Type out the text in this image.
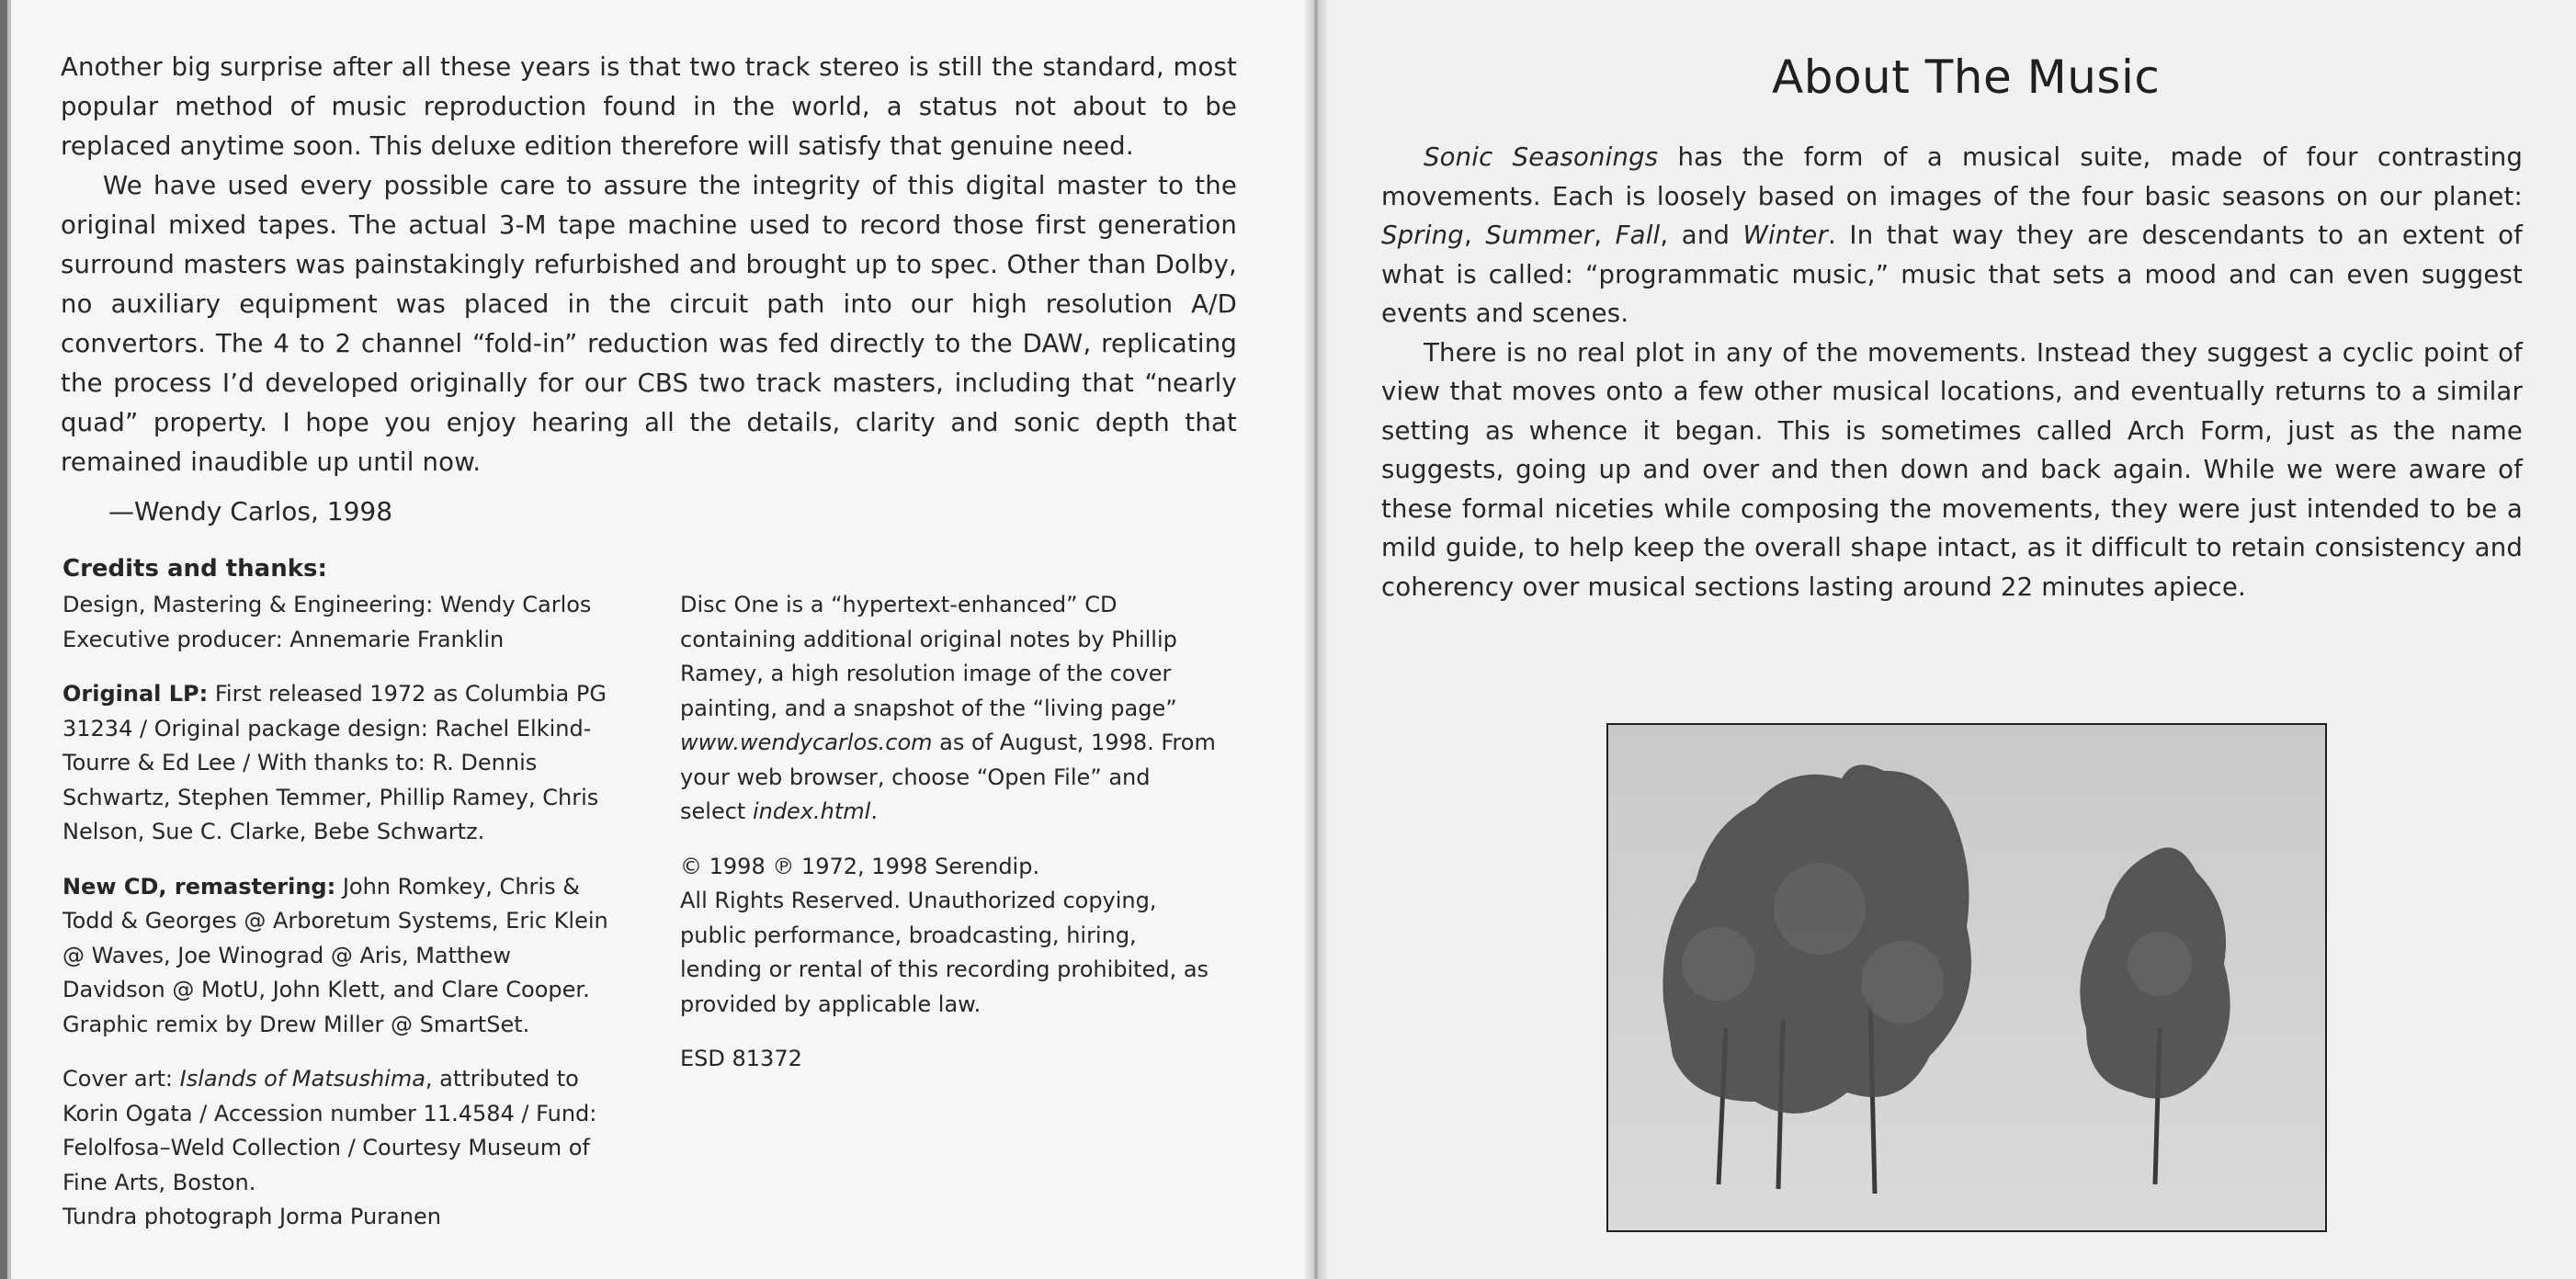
Another big surprise after all these years is that two track stereo is still the standard, most popular method of music reproduction found in the world, a status not about to be replaced anytime soon. This deluxe edition therefore will satisfy that genuine need.

We have used every possible care to assure the integrity of this digital master to the original mixed tapes. The actual 3-M tape machine used to record those first generation surround masters was painstakingly refurbished and brought up to spec. Other than Dolby, no auxiliary equipment was placed in the circuit path into our high resolution A/D convertors. The 4 to 2 channel “fold-in” reduction was fed directly to the DAW, replicating the process I’d developed originally for our CBS two track masters, including that “nearly quad” property. I hope you enjoy hearing all the details, clarity and sonic depth that remained inaudible up until now.

—Wendy Carlos, 1998
Credits and thanks:

Design, Mastering & Engineering: Wendy Carlos
Executive producer: Annemarie Franklin

Original LP: First released 1972 as Columbia PG 31234 / Original package design: Rachel Elkind-Tourre & Ed Lee / With thanks to: R. Dennis Schwartz, Stephen Temmer, Phillip Ramey, Chris Nelson, Sue C. Clarke, Bebe Schwartz.

New CD, remastering: John Romkey, Chris & Todd & Georges @ Arboretum Systems, Eric Klein @ Waves, Joe Winograd @ Aris, Matthew Davidson @ MotU, John Klett, and Clare Cooper. Graphic remix by Drew Miller @ SmartSet.

Cover art: Islands of Matsushima, attributed to Korin Ogata / Accession number 11.4584 / Fund: Felolfosa–Weld Collection / Courtesy Museum of Fine Arts, Boston.
Tundra photograph Jorma Puranen

Disc One is a “hypertext-enhanced” CD containing additional original notes by Phillip Ramey, a high resolution image of the cover painting, and a snapshot of the “living page” www.wendycarlos.com as of August, 1998. From your web browser, choose “Open File” and select index.html.

© 1998 ℗ 1972, 1998 Serendip.
All Rights Reserved. Unauthorized copying, public performance, broadcasting, hiring, lending or rental of this recording prohibited, as provided by applicable law.

ESD 81372

About The Music

Sonic Seasonings has the form of a musical suite, made of four contrasting movements. Each is loosely based on images of the four basic seasons on our planet: Spring, Summer, Fall, and Winter. In that way they are descendants to an extent of what is called: “programmatic music,” music that sets a mood and can even suggest events and scenes.

There is no real plot in any of the movements. Instead they suggest a cyclic point of view that moves onto a few other musical locations, and eventually returns to a similar setting as whence it began. This is sometimes called Arch Form, just as the name suggests, going up and over and then down and back again. While we were aware of these formal niceties while composing the movements, they were just intended to be a mild guide, to help keep the overall shape intact, as it difficult to retain consistency and coherency over musical sections lasting around 22 minutes apiece.
